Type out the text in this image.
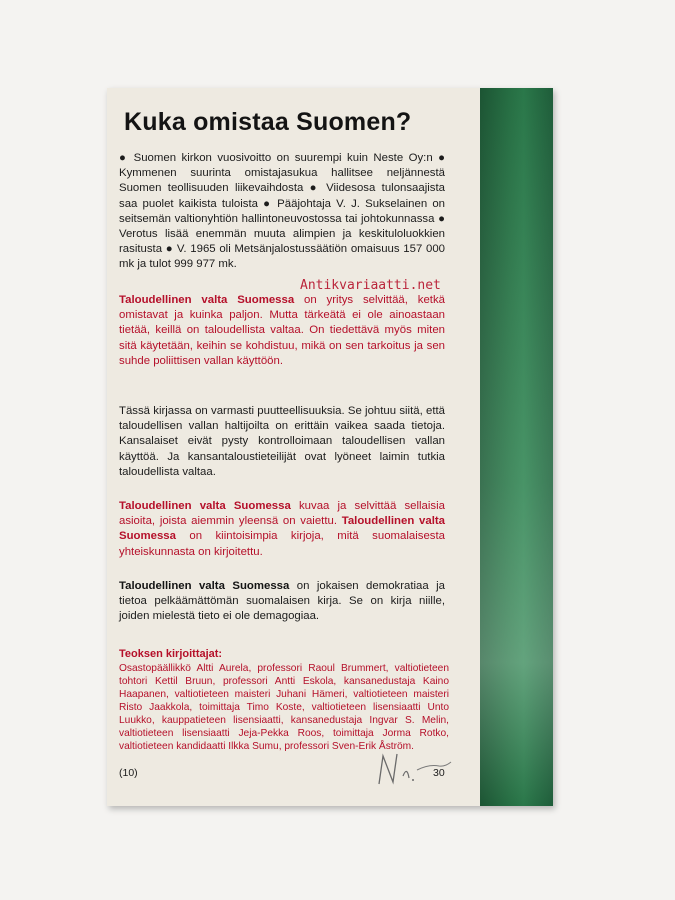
Kuka omistaa Suomen?
● Suomen kirkon vuosivoitto on suurempi kuin Neste Oy:n ● Kymmenen suurinta omistajasukua hallitsee neljännestä Suomen teollisuuden liikevaihdosta ● Viidesosa tulonsaajista saa puolet kaikista tuloista ● Pääjohtaja V. J. Sukselainen on seitsemän valtionyhtiön hallintoneuvostossa tai johtokunnassa ● Verotus lisää enemmän muuta alimpien ja keskituloluokkien rasitusta ● V. 1965 oli Metsänjalostussäätiön omaisuus 157 000 mk ja tulot 999 977 mk.
Taloudellinen valta Suomessa on yritys selvittää, ketkä omistavat ja kuinka paljon. Mutta tärkeätä ei ole ainoastaan tietää, keillä on taloudellista valtaa. On tiedettävä myös miten sitä käytetään, keihin se kohdistuu, mikä on sen tarkoitus ja sen suhde poliittisen vallan käyttöön.
Tässä kirjassa on varmasti puutteellisuuksia. Se johtuu siitä, että taloudellisen vallan haltijoilta on erittäin vaikea saada tietoja. Kansalaiset eivät pysty kontrolloimaan taloudellisen vallan käyttöä. Ja kansantaloustieteilijät ovat lyöneet laimin tutkia taloudellista valtaa.
Taloudellinen valta Suomessa kuvaa ja selvittää sellaisia asioita, joista aiemmin yleensä on vaiettu. Taloudellinen valta Suomessa on kiintoisimpia kirjoja, mitä suomalaisesta yhteiskunnasta on kirjoitettu.
Taloudellinen valta Suomessa on jokaisen demokratiaa ja tietoa pelkäämättömän suomalaisen kirja. Se on kirja niille, joiden mielestä tieto ei ole demagogiaa.
Teoksen kirjoittajat:
Osastopäällikkö Altti Aurela, professori Raoul Brummert, valtiotieteen tohtori Kettil Bruun, professori Antti Eskola, kansanedustaja Kaino Haapanen, valtiotieteen maisteri Juhani Hämeri, valtiotieteen maisteri Risto Jaakkola, toimittaja Timo Koste, valtiotieteen lisensiaatti Unto Luukko, kauppatieteen lisensiaatti, kansanedustaja Ingvar S. Melin, valtiotieteen lisensiaatti Jeja-Pekka Roos, toimittaja Jorma Rotko, valtiotieteen kandidaatti Ilkka Sumu, professori Sven-Erik Åström.
(10)	30
Antikvariaatti.net
